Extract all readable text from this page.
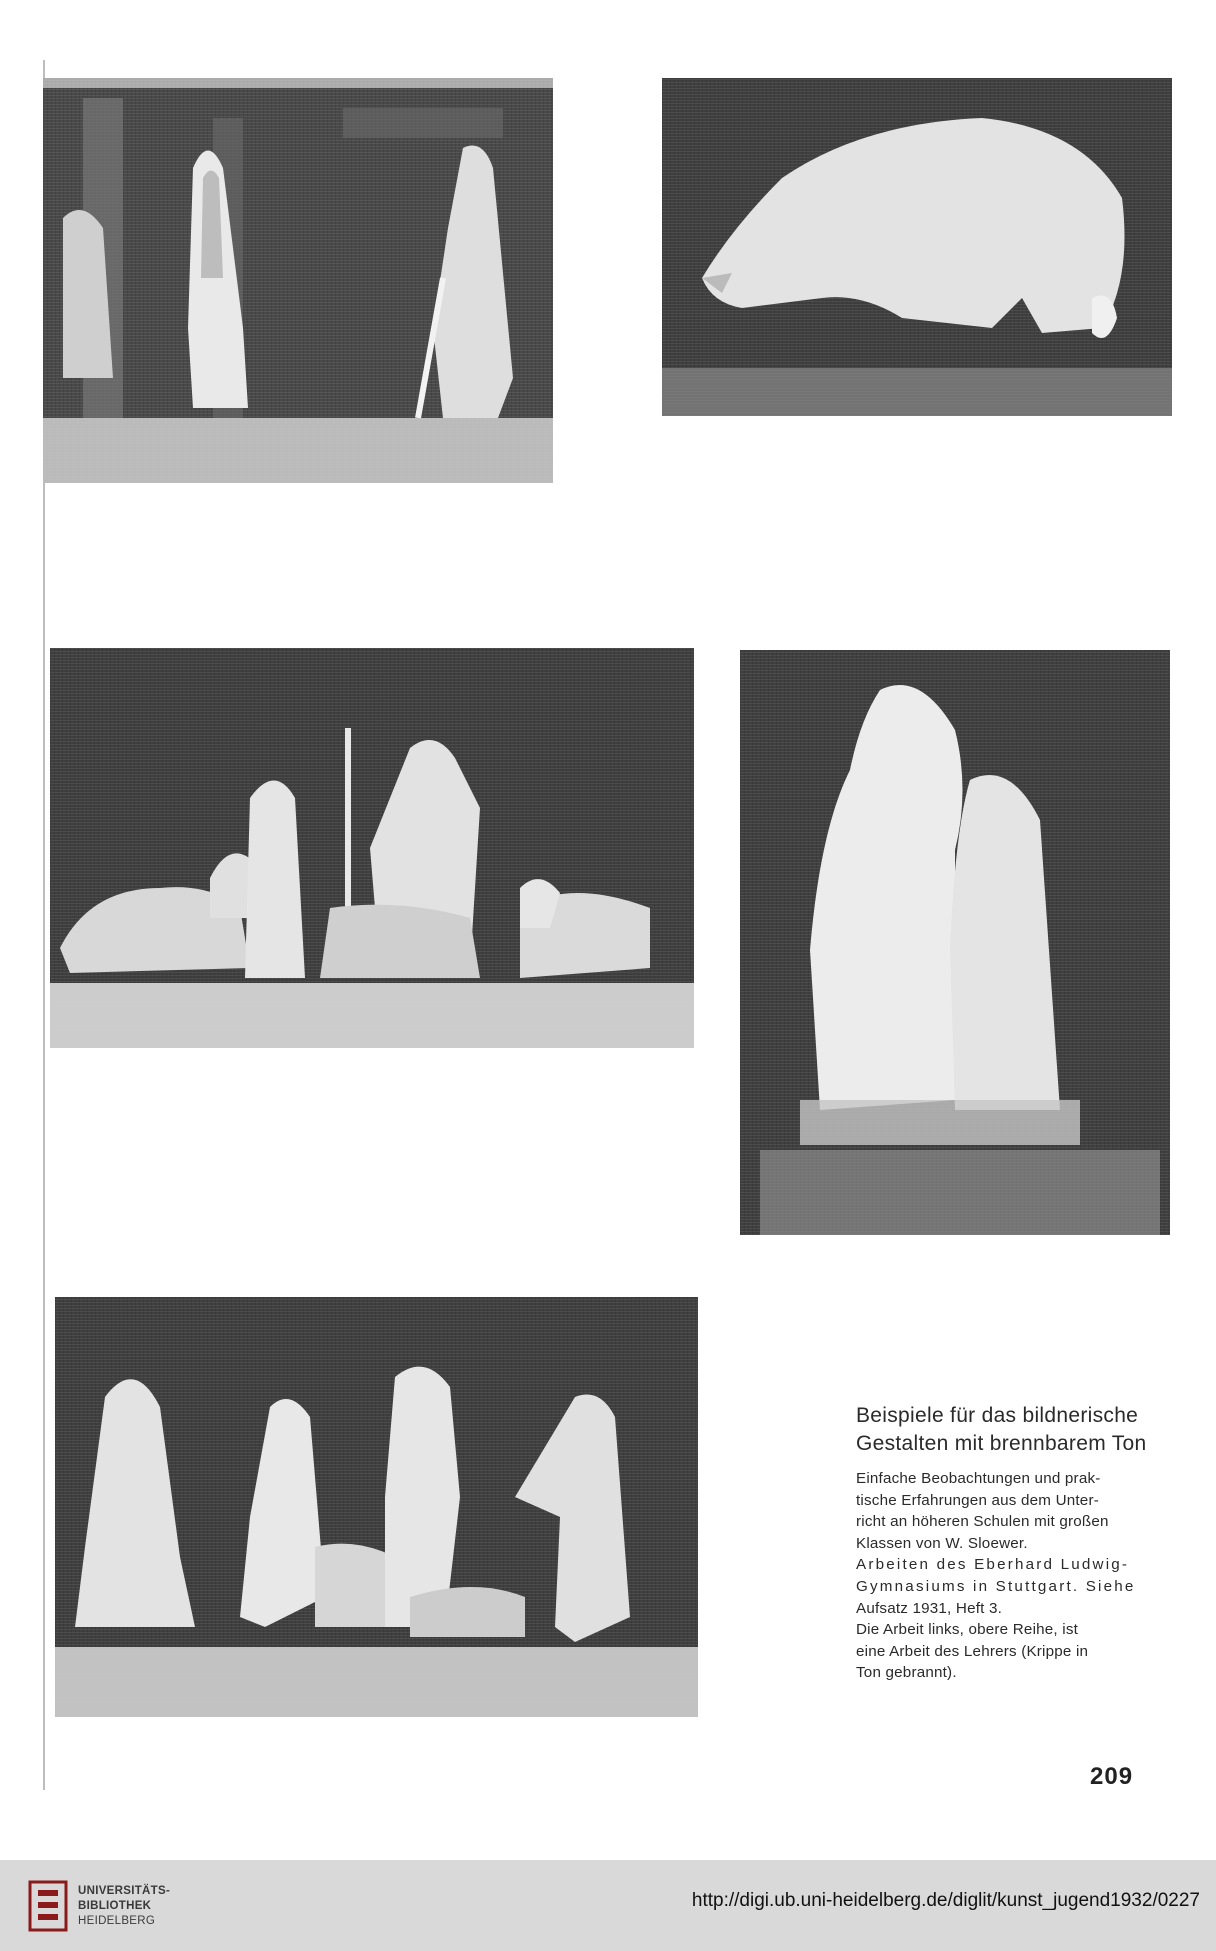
Beispiele für das bildnerische
Gestalten mit brennbarem Ton
Einfache Beobachtungen und prak-
tische Erfahrungen aus dem Unter-
richt an höheren Schulen mit großen
Klassen von W. Sloewer.
Arbeiten des Eberhard Ludwig-
Gymnasiums in Stuttgart. Siehe
Aufsatz 1931, Heft 3.
Die Arbeit links, obere Reihe, ist
eine Arbeit des Lehrers (Krippe in
Ton gebrannt).
209
UNIVERSITÄTS-
BIBLIOTHEK
HEIDELBERG
http://digi.ub.uni-heidelberg.de/diglit/kunst_jugend1932/0227
